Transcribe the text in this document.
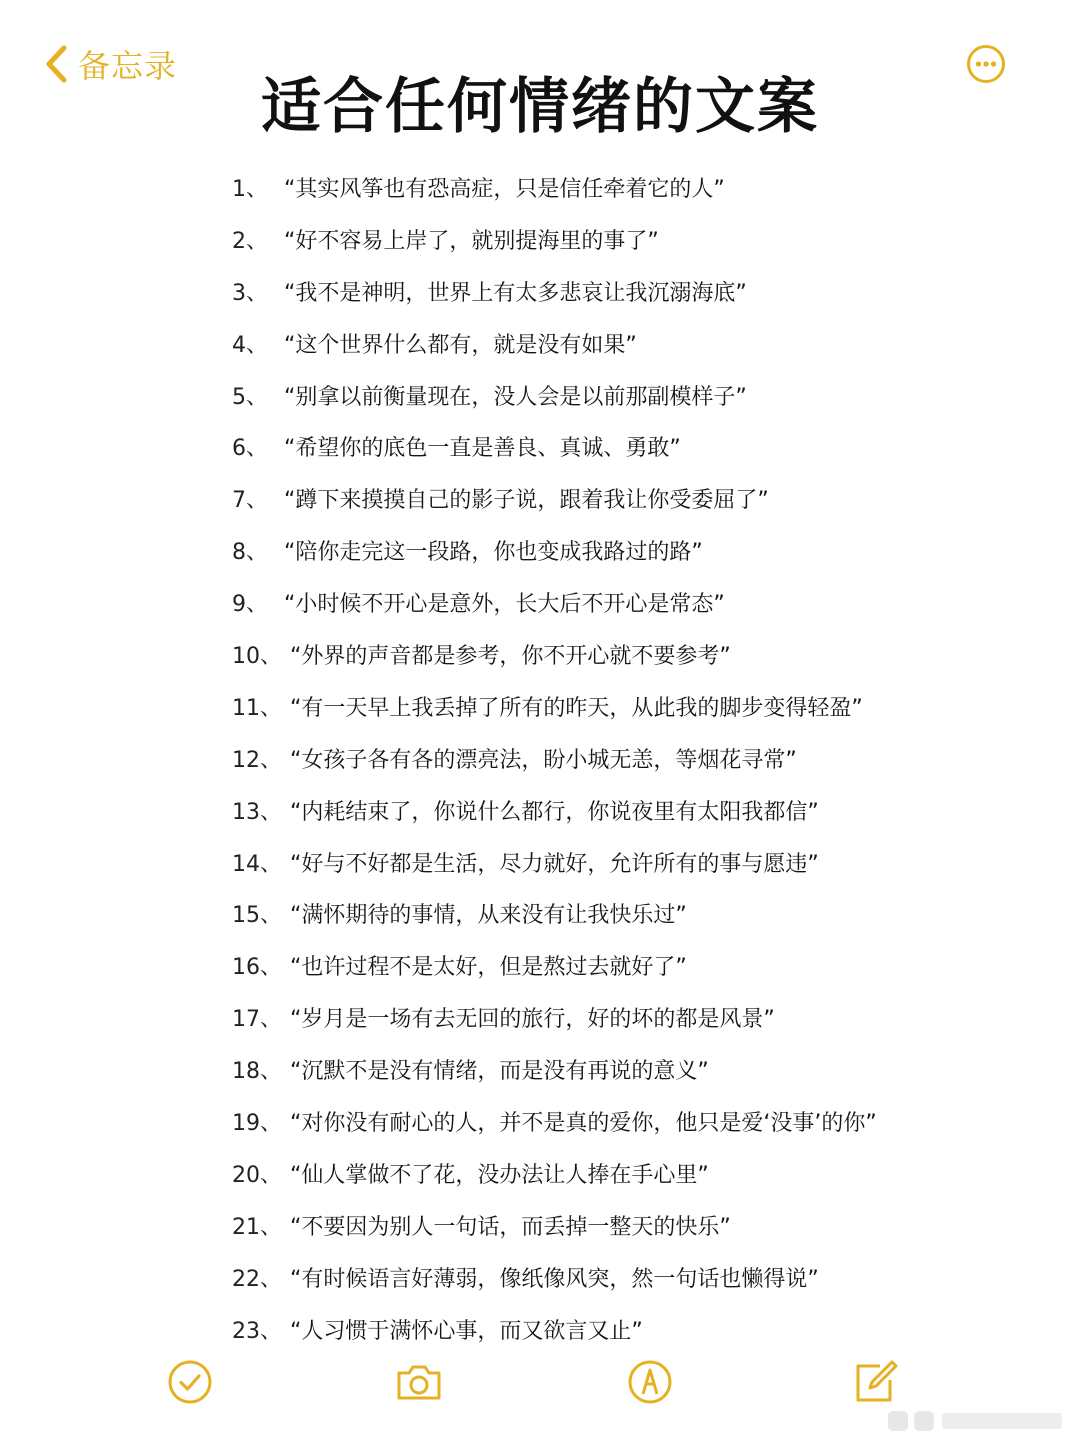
备忘录
适合任何情绪的文案
1、 “其实风筝也有恐高症，只是信任牵着它的人”
2、 “好不容易上岸了，就别提海里的事了”
3、 “我不是神明，世界上有太多悲哀让我沉溺海底”
4、 “这个世界什么都有，就是没有如果”
5、 “别拿以前衡量现在，没人会是以前那副模样子”
6、 “希望你的底色一直是善良、真诚、勇敢”
7、 “蹲下来摸摸自己的影子说，跟着我让你受委屈了”
8、 “陪你走完这一段路，你也变成我路过的路”
9、 “小时候不开心是意外，长大后不开心是常态”
10、 “外界的声音都是参考，你不开心就不要参考”
11、 “有一天早上我丢掉了所有的昨天，从此我的脚步变得轻盈”
12、 “女孩子各有各的漂亮法，盼小城无恙，等烟花寻常”
13、 “内耗结束了，你说什么都行，你说夜里有太阳我都信”
14、 “好与不好都是生活，尽力就好，允许所有的事与愿违”
15、 “满怀期待的事情，从来没有让我快乐过”
16、 “也许过程不是太好，但是熬过去就好了”
17、 “岁月是一场有去无回的旅行，好的坏的都是风景”
18、 “沉默不是没有情绪，而是没有再说的意义”
19、 “对你没有耐心的人，并不是真的爱你，他只是爱‘没事’的你”
20、 “仙人掌做不了花，没办法让人捧在手心里”
21、 “不要因为别人一句话，而丢掉一整天的快乐”
22、 “有时候语言好薄弱，像纸像风突，然一句话也懒得说”
23、 “人习惯于满怀心事，而又欲言又止”
